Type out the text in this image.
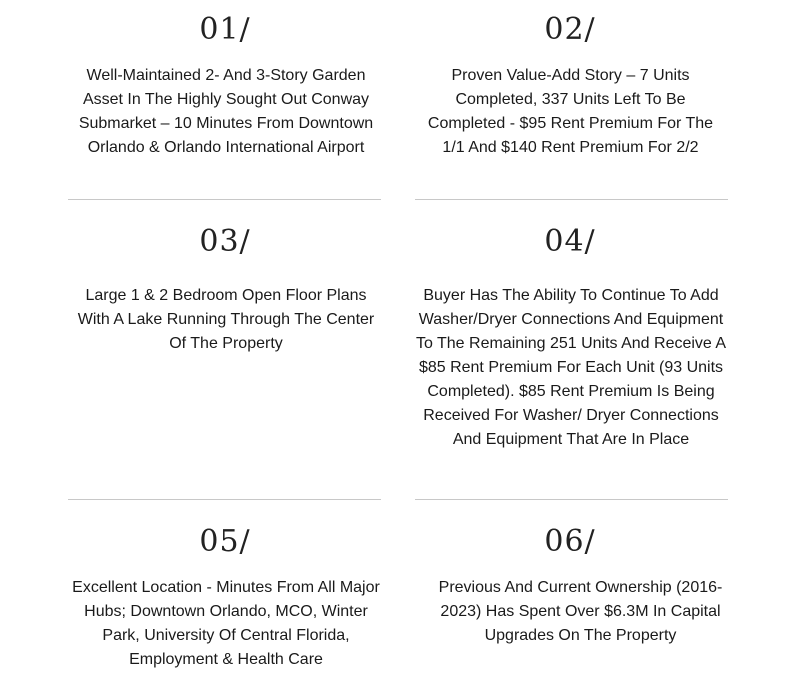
01/
Well-Maintained 2- And 3-Story Garden Asset In The Highly Sought Out Conway Submarket – 10 Minutes From Downtown Orlando & Orlando International Airport
02/
Proven Value-Add Story – 7 Units Completed, 337 Units Left To Be Completed - $95 Rent Premium For The 1/1 And $140 Rent Premium For 2/2
03/
Large 1 & 2 Bedroom Open Floor Plans With A Lake Running Through The Center Of The Property
04/
Buyer Has The Ability To Continue To Add Washer/Dryer Connections And Equipment To The Remaining 251 Units And Receive A $85 Rent Premium For Each Unit (93 Units Completed). $85 Rent Premium Is Being Received For Washer/ Dryer Connections And Equipment That Are In Place
05/
Excellent Location - Minutes From All Major Hubs; Downtown Orlando, MCO, Winter Park, University Of Central Florida, Employment & Health Care
06/
Previous And Current Ownership (2016-2023) Has Spent Over $6.3M In Capital Upgrades On The Property
